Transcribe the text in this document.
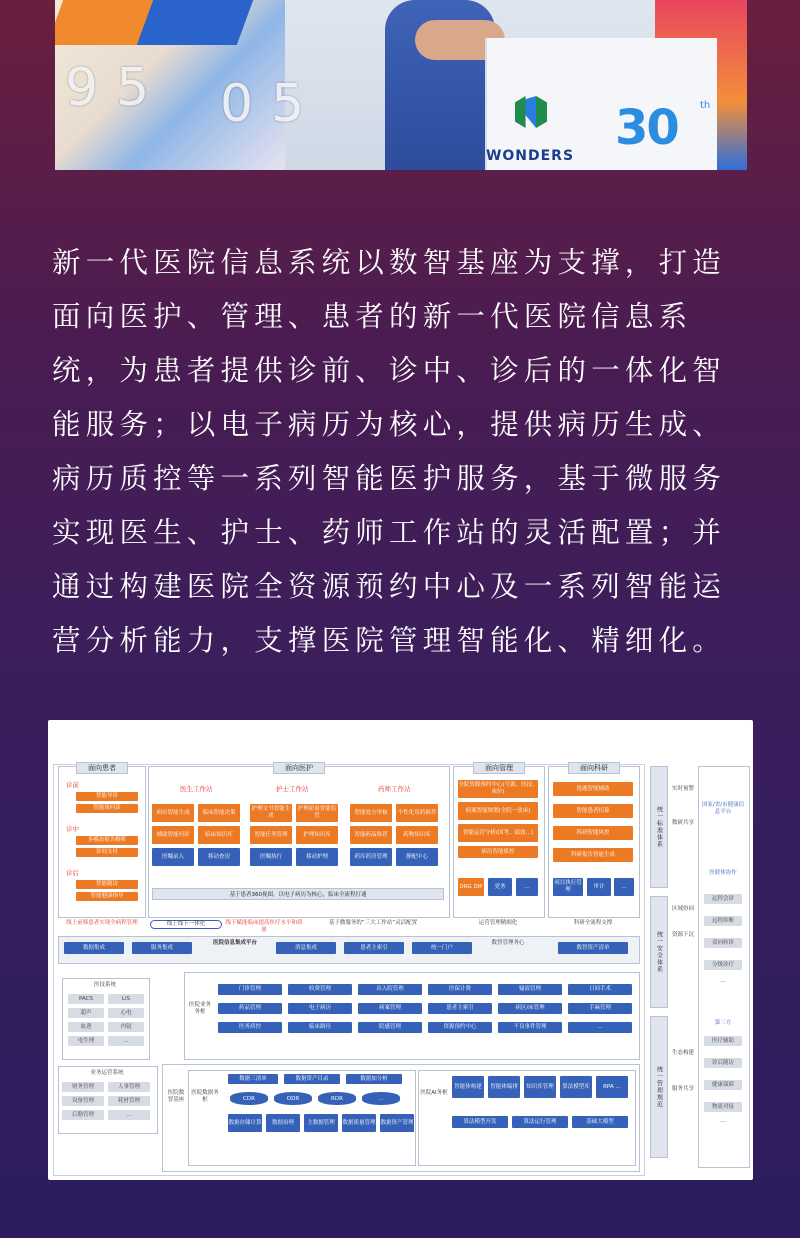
95 05
WONDERS 30 th
新一代医院信息系统以数智基座为支撑，打造
面向医护、管理、患者的新一代医院信息系
统，为患者提供诊前、诊中、诊后的一体化智
能服务；以电子病历为核心，提供病历生成、
病历质控等一系列智能医护服务，基于微服务
实现医生、护士、药师工作站的灵活配置；并
通过构建医院全资源预约中心及一系列智能运
营分析能力，支撑医院管理智能化、精细化。
面向患者
诊前
智能导诊
智能预问诊
诊中
多模态报告解析
诊间支付
诊后
智能随访
智能健康指导
面向医护
医生工作站	护士工作站	药师工作站
病历智能生成	临床智能决策
辅助智能问诊	临床知识库
医嘱录入	移动查房
护理文书智能生成
护理质量智能监管
智能任务管理	护理知识库
医嘱执行	移动护理
智能处方审核	个性化用药推荐
智能药品推荐	药物知识库
药库药房管理	静配中心
基于患者360视图，以电子病历为核心，临床全流程打通
面向管理
全院资源预约中心(号源、医技、床位)
病案智能规划(全院一张床)
智能运营分析(国考、绩效…)
病历智能质控
DRG DIP	党务	…
面向科研
选题智能辅助
智能患者招募
科研智能风控
科研报告智能生成
项目执行管理
审计	…
线上前移患者实现全病程管理	线上线下一体化	线下赋能临床提高医疗水平和质量
基于微服务的“三大工作站”灵活配置	运营管理精细化	科研全流程支撑
数据集成	服务集成
医院信息集成平台
消息集成	患者主索引	统一门户
数智管理务心
数智资产清单
医技系统
PACS	LIS
超声	心电
血透	内镜
电生理	…
业务运营系统
财务管理	人事管理
设备管理	耗材管理
后勤管理	…
医院业务务框
门诊管理	收费管理	出入院管理	医保计费	输液管理	日间手术
药品管理	电子病历	病案管理	患者主索引	病区/床管理	手麻管理
医务质控	临床路径	院感管理	资源预约中心	不良事件管理	…
医院数智基座
医院数据务框
数据三清单	数据资产目录	数据加分析
CDR	ODR	RDR	…
数据存储计算	数据治理	主数据管理	数据质量管理 数据资产管理
医院AI务框
智能体构建	智能体编排	知识库管理	算法模型库	RPA …
算法模型开发	算法运行管理	基础大模型
统一标准体系
统一安全体系
统一管理规范
实时预警
数研共享
区域协同
资源下沉
生态构建
服务共享
国家/省/市健康信息平台
医联体协作
远程会诊
远程诊断
双向转诊
分级诊疗
…
第三方
医疗辅助
诊后随访
健康保障
物流对接
…
